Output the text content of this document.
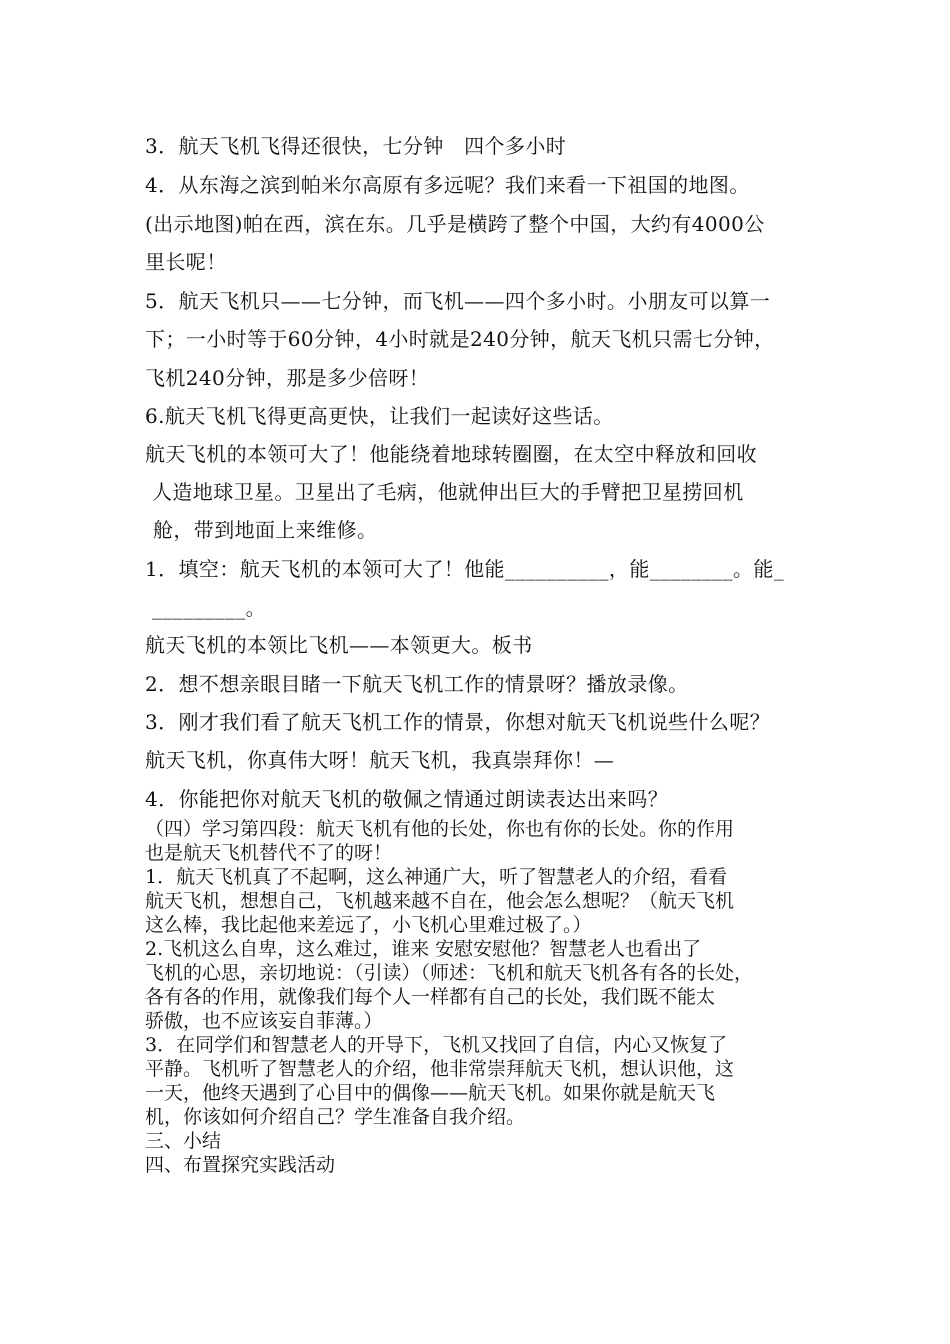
3．航天飞机飞得还很快，七分钟　四个多小时
4．从东海之滨到帕米尔高原有多远呢？我们来看一下祖国的地图。
(出示地图)帕在西，滨在东。几乎是横跨了整个中国，大约有4000公
里长呢！
5．航天飞机只——七分钟，而飞机——四个多小时。小朋友可以算一
下；一小时等于60分钟，4小时就是240分钟，航天飞机只需七分钟，
飞机240分钟，那是多少倍呀！
6.航天飞机飞得更高更快，让我们一起读好这些话。
航天飞机的本领可大了！他能绕着地球转圈圈，在太空中释放和回收
人造地球卫星。卫星出了毛病，他就伸出巨大的手臂把卫星捞回机
舱，带到地面上来维修。
1．填空：航天飞机的本领可大了！他能__________，能________。能_
_________。
航天飞机的本领比飞机——本领更大。板书
2．想不想亲眼目睹一下航天飞机工作的情景呀？播放录像。
3．刚才我们看了航天飞机工作的情景，你想对航天飞机说些什么呢？
航天飞机，你真伟大呀！航天飞机，我真崇拜你！—
4．你能把你对航天飞机的敬佩之情通过朗读表达出来吗？
（四）学习第四段：航天飞机有他的长处，你也有你的长处。你的作用
也是航天飞机替代不了的呀！
1．航天飞机真了不起啊，这么神通广大，听了智慧老人的介绍，看看
航天飞机，想想自己，飞机越来越不自在，他会怎么想呢？（航天飞机
这么棒，我比起他来差远了，小飞机心里难过极了。）
2.飞机这么自卑，这么难过，谁来 安慰安慰他？智慧老人也看出了
飞机的心思，亲切地说：（引读）（师述：飞机和航天飞机各有各的长处，
各有各的作用，就像我们每个人一样都有自己的长处，我们既不能太
骄傲，也不应该妄自菲薄。）
3．在同学们和智慧老人的开导下，飞机又找回了自信，内心又恢复了
平静。飞机听了智慧老人的介绍，他非常崇拜航天飞机，想认识他，这
一天，他终天遇到了心目中的偶像——航天飞机。如果你就是航天飞
机，你该如何介绍自己？学生准备自我介绍。
三、小结
四、布置探究实践活动
